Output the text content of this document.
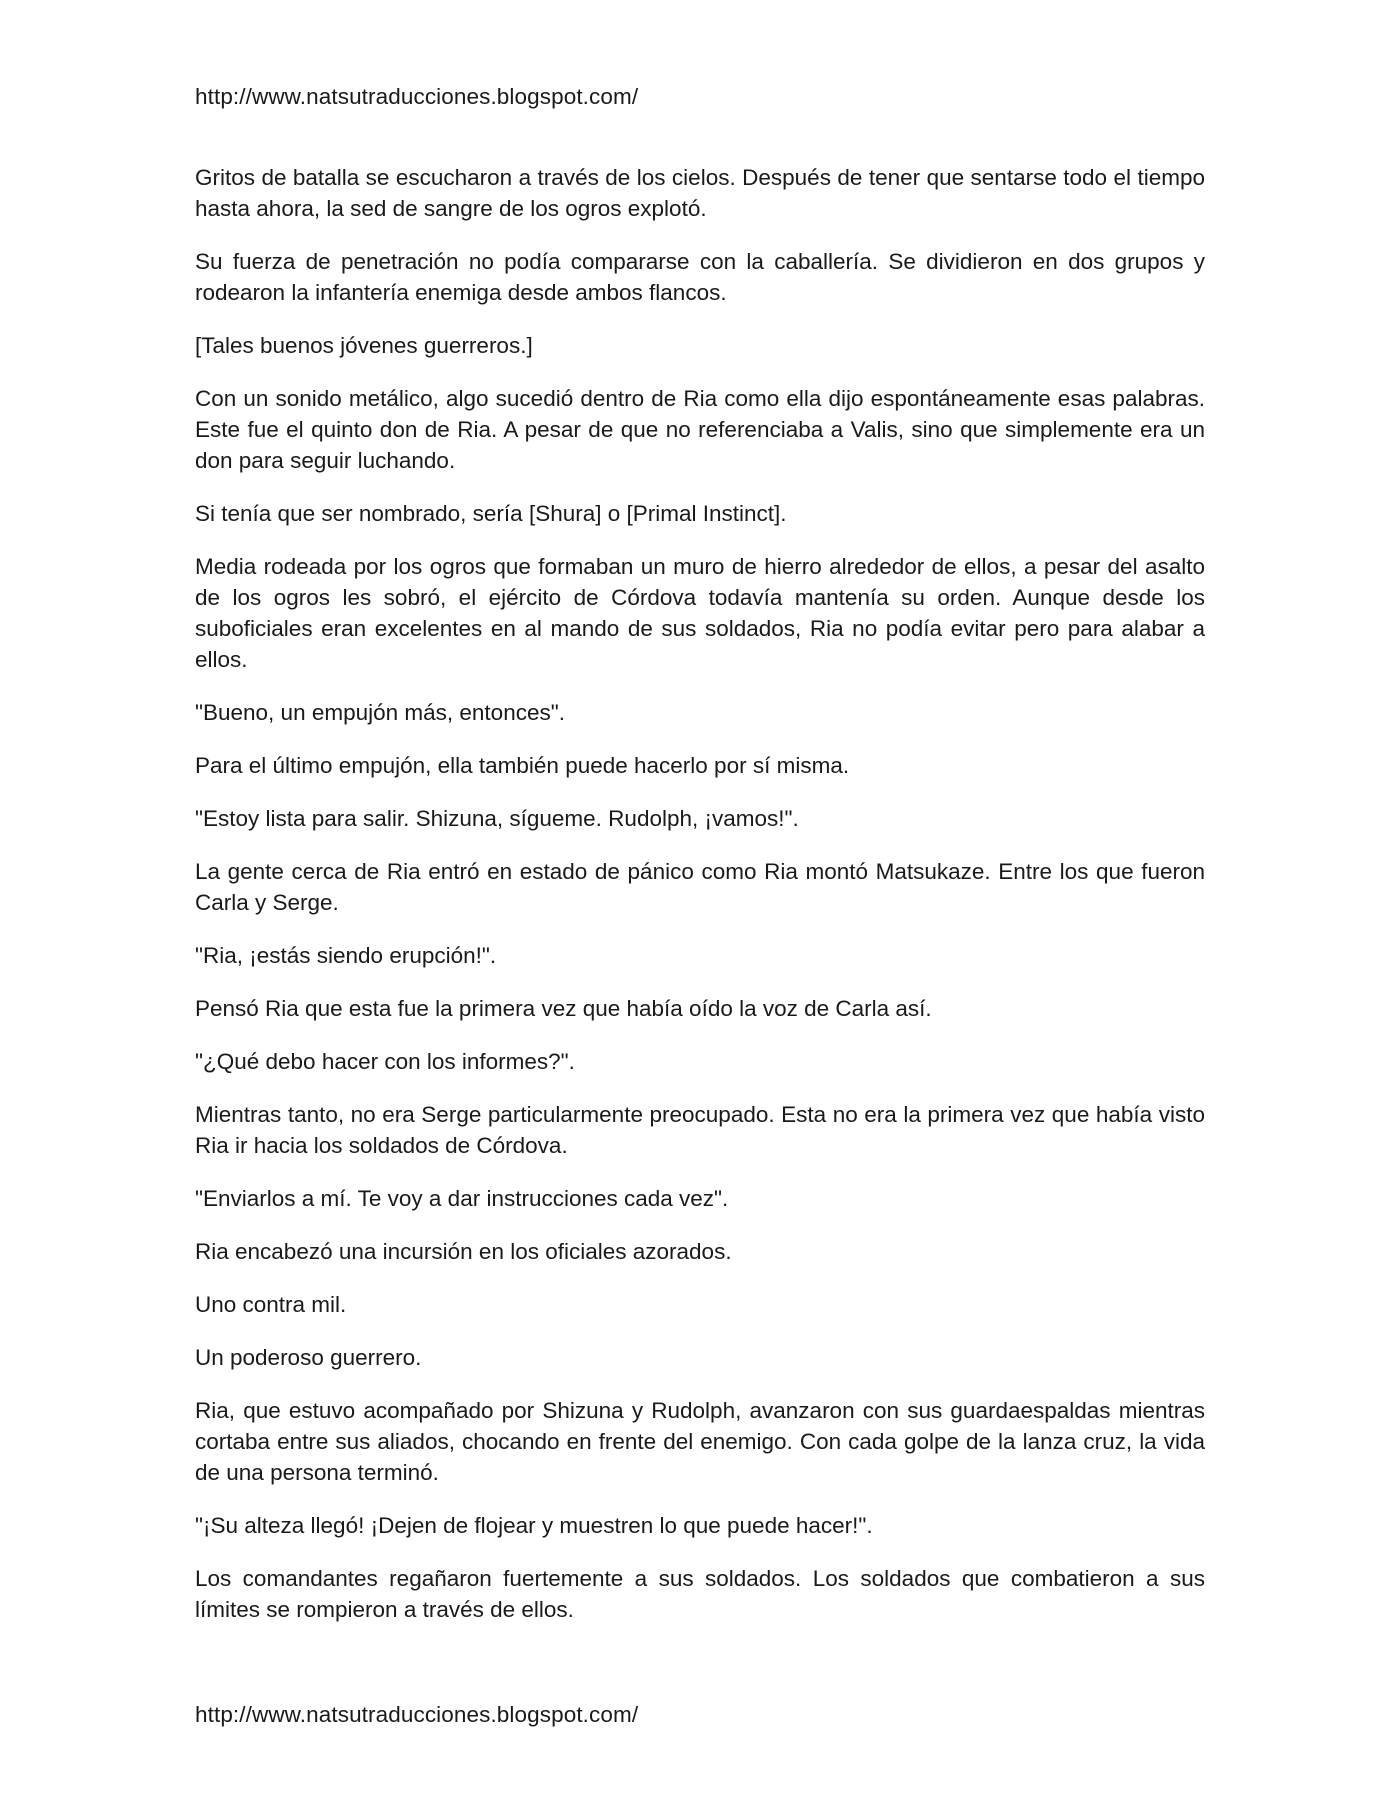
http://www.natsutraducciones.blogspot.com/

Gritos de batalla se escucharon a través de los cielos. Después de tener que sentarse todo el tiempo hasta ahora, la sed de sangre de los ogros explotó.

Su fuerza de penetración no podía compararse con la caballería. Se dividieron en dos grupos y rodearon la infantería enemiga desde ambos flancos.

[Tales buenos jóvenes guerreros.]

Con un sonido metálico, algo sucedió dentro de Ria como ella dijo espontáneamente esas palabras. Este fue el quinto don de Ria. A pesar de que no referenciaba a Valis, sino que simplemente era un don para seguir luchando.

Si tenía que ser nombrado, sería [Shura] o [Primal Instinct].

Media rodeada por los ogros que formaban un muro de hierro alrededor de ellos, a pesar del asalto de los ogros les sobró, el ejército de Córdova todavía mantenía su orden. Aunque desde los suboficiales eran excelentes en al mando de sus soldados, Ria no podía evitar pero para alabar a ellos.

"Bueno, un empujón más, entonces".

Para el último empujón, ella también puede hacerlo por sí misma.

"Estoy lista para salir. Shizuna, sígueme. Rudolph, ¡vamos!".

La gente cerca de Ria entró en estado de pánico como Ria montó Matsukaze. Entre los que fueron Carla y Serge.

"Ria, ¡estás siendo erupción!".

Pensó Ria que esta fue la primera vez que había oído la voz de Carla así.

"¿Qué debo hacer con los informes?".

Mientras tanto, no era Serge particularmente preocupado. Esta no era la primera vez que había visto Ria ir hacia los soldados de Córdova.

"Enviarlos a mí. Te voy a dar instrucciones cada vez".

Ria encabezó una incursión en los oficiales azorados.

Uno contra mil.

Un poderoso guerrero.

Ria, que estuvo acompañado por Shizuna y Rudolph, avanzaron con sus guardaespaldas mientras cortaba entre sus aliados, chocando en frente del enemigo. Con cada golpe de la lanza cruz, la vida de una persona terminó.

"¡Su alteza llegó! ¡Dejen de flojear y muestren lo que puede hacer!".

Los comandantes regañaron fuertemente a sus soldados. Los soldados que combatieron a sus límites se rompieron a través de ellos.

http://www.natsutraducciones.blogspot.com/
